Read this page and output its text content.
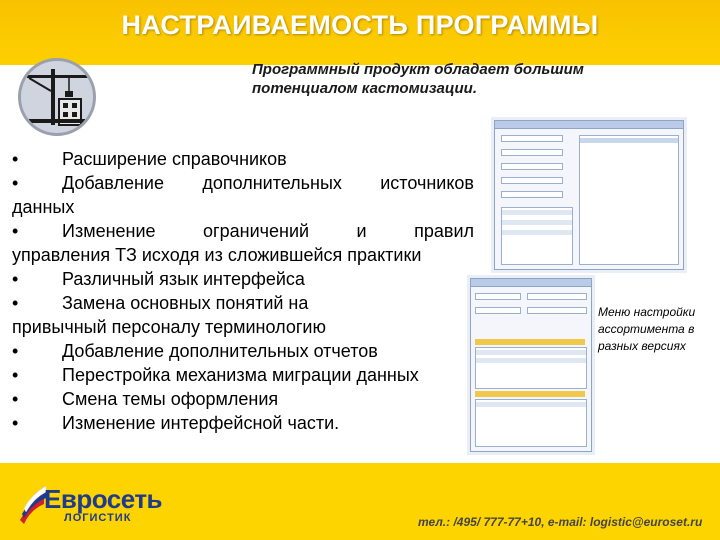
НАСТРАИВАЕМОСТЬ ПРОГРАММЫ
Программный продукт обладает большим
потенциалом кастомизации.

• Расширение справочников

• Добавление дополнительных источников

данных

• Изменение ограничений и правил

управления ТЗ исходя из сложившейся практики

• Различный язык интерфейса

• Замена основных понятий на

привычный персоналу терминологию

• Добавление дополнительных отчетов

• Перестройка механизма миграции данных

• Смена темы оформления

• Изменение интерфейсной части.

Меню настройки
ассортимента в
разных версиях
Евросеть
ЛОГИСТИК	тел.: /495/ 777-77+10, e-mail: logistic@euroset.ru
